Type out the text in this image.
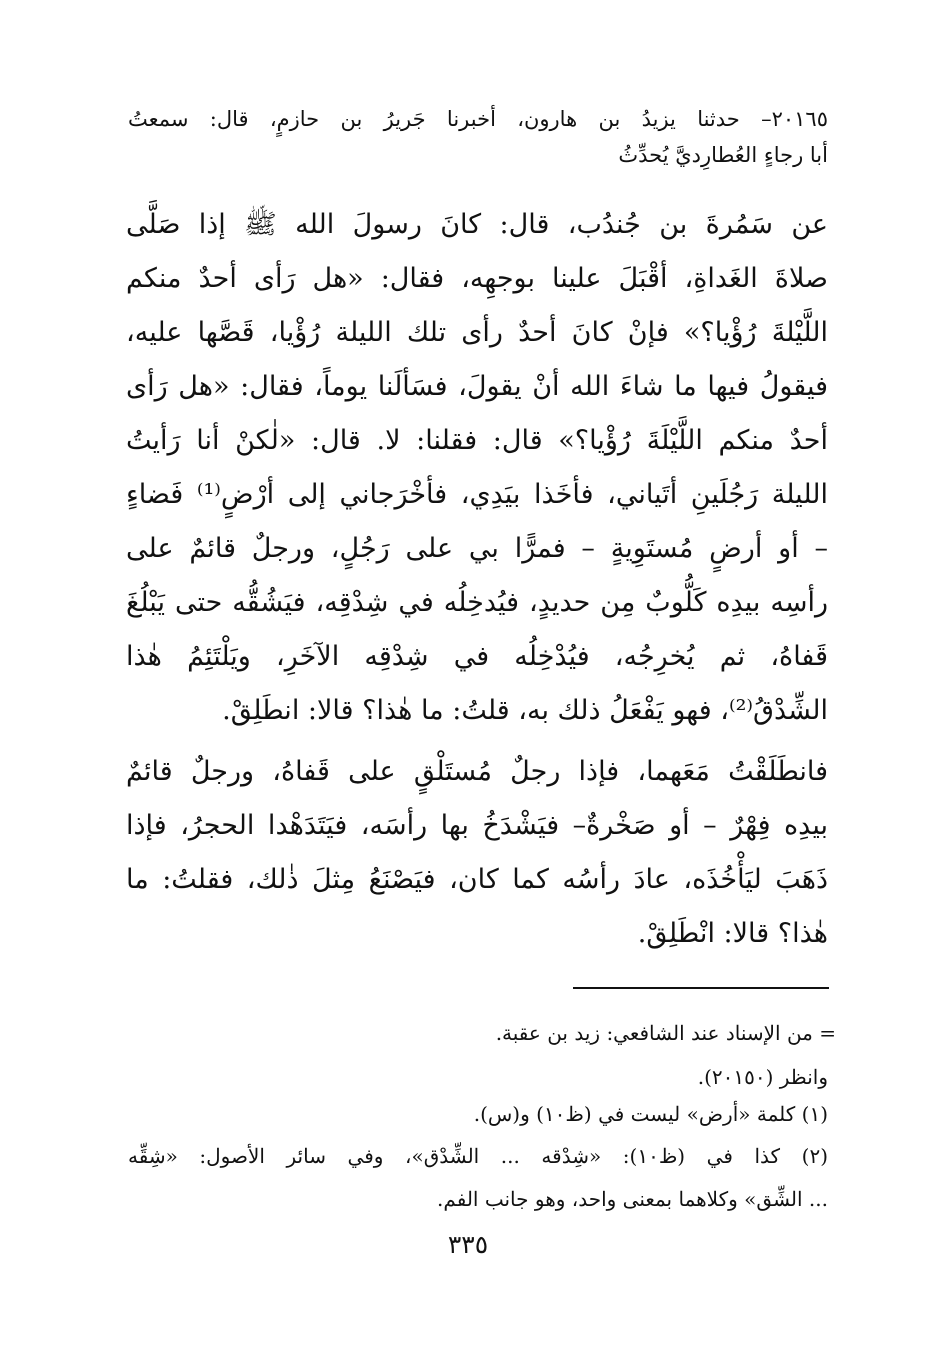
٢٠١٦٥– حدثنا يزيدُ بن هارون، أخبرنا جَريرُ بن حازمٍ، قال: سمعتُ
أبا رجاءٍ العُطارِديَّ يُحدِّثُ
عن سَمُرةَ بن جُندُب، قال: كانَ رسولَ الله ﷺ إذا صَلَّى
صلاةَ الغَداةِ، أقْبَلَ علينا بوجهِه، فقال: «هل رَأى أحدٌ منكم
اللَّيْلةَ رُؤْيا؟» فإنْ كانَ أحدٌ رأى تلك الليلة رُؤْيا، قَصَّها عليه،
فيقولُ فيها ما شاءَ الله أنْ يقولَ، فسَألَنا يوماً، فقال: «هل رَأى
أحدٌ منكم اللَّيْلَةَ رُؤْيا؟» قال: فقلنا: لا. قال: «لٰكنْ أنا رَأيتُ
الليلة رَجُلَينِ أتَياني، فأخَذا بيَدِي، فأخْرَجاني إلى أرْضٍ⁽¹⁾ فَضاءٍ
– أو أرضٍ مُستَوِيةٍ – فمرًّا بي على رَجُلٍ، ورجلٌ قائمٌ على
رأسِه بيدِه كَلُّوبٌ مِن حديدٍ، فيُدخِلُه في شِدْقِه، فيَشُقُّه حتى يَبْلُغَ
قَفاهُ، ثم يُخرِجُه، فيُدْخِلُه في شِدْقِه الآخَرِ، ويَلْتَئِمُ هٰذا
الشِّدْقُ⁽²⁾، فهو يَفْعَلُ ذلك به، قلتُ: ما هٰذا؟ قالا: انطَلِقْ.
فانطَلَقْتُ مَعَهما، فإذا رجلٌ مُستَلْقٍ على قَفاهُ، ورجلٌ قائمٌ
بيدِه فِهْرٌ – أو صَخْرةٌ– فيَشْدَخُ بها رأسَه، فيَتَدَهْدا الحجرُ، فإذا
ذَهَبَ ليَأْخُذَه، عادَ رأسُه كما كان، فيَصْنَعُ مِثلَ ذٰلك، فقلتُ: ما
هٰذا؟ قالا: انْطَلِقْ.
= من الإسناد عند الشافعي: زيد بن عقبة.
وانظر (٢٠١٥٠).
(١) كلمة «أرض» ليست في (ظ١٠) و(س).
(٢) كذا في (ظ١٠): «شِدْقه ... الشِّدْق»، وفي سائر الأصول: «شِقِّه
... الشِّق» وكلاهما بمعنى واحد، وهو جانب الفم.
٣٣٥
